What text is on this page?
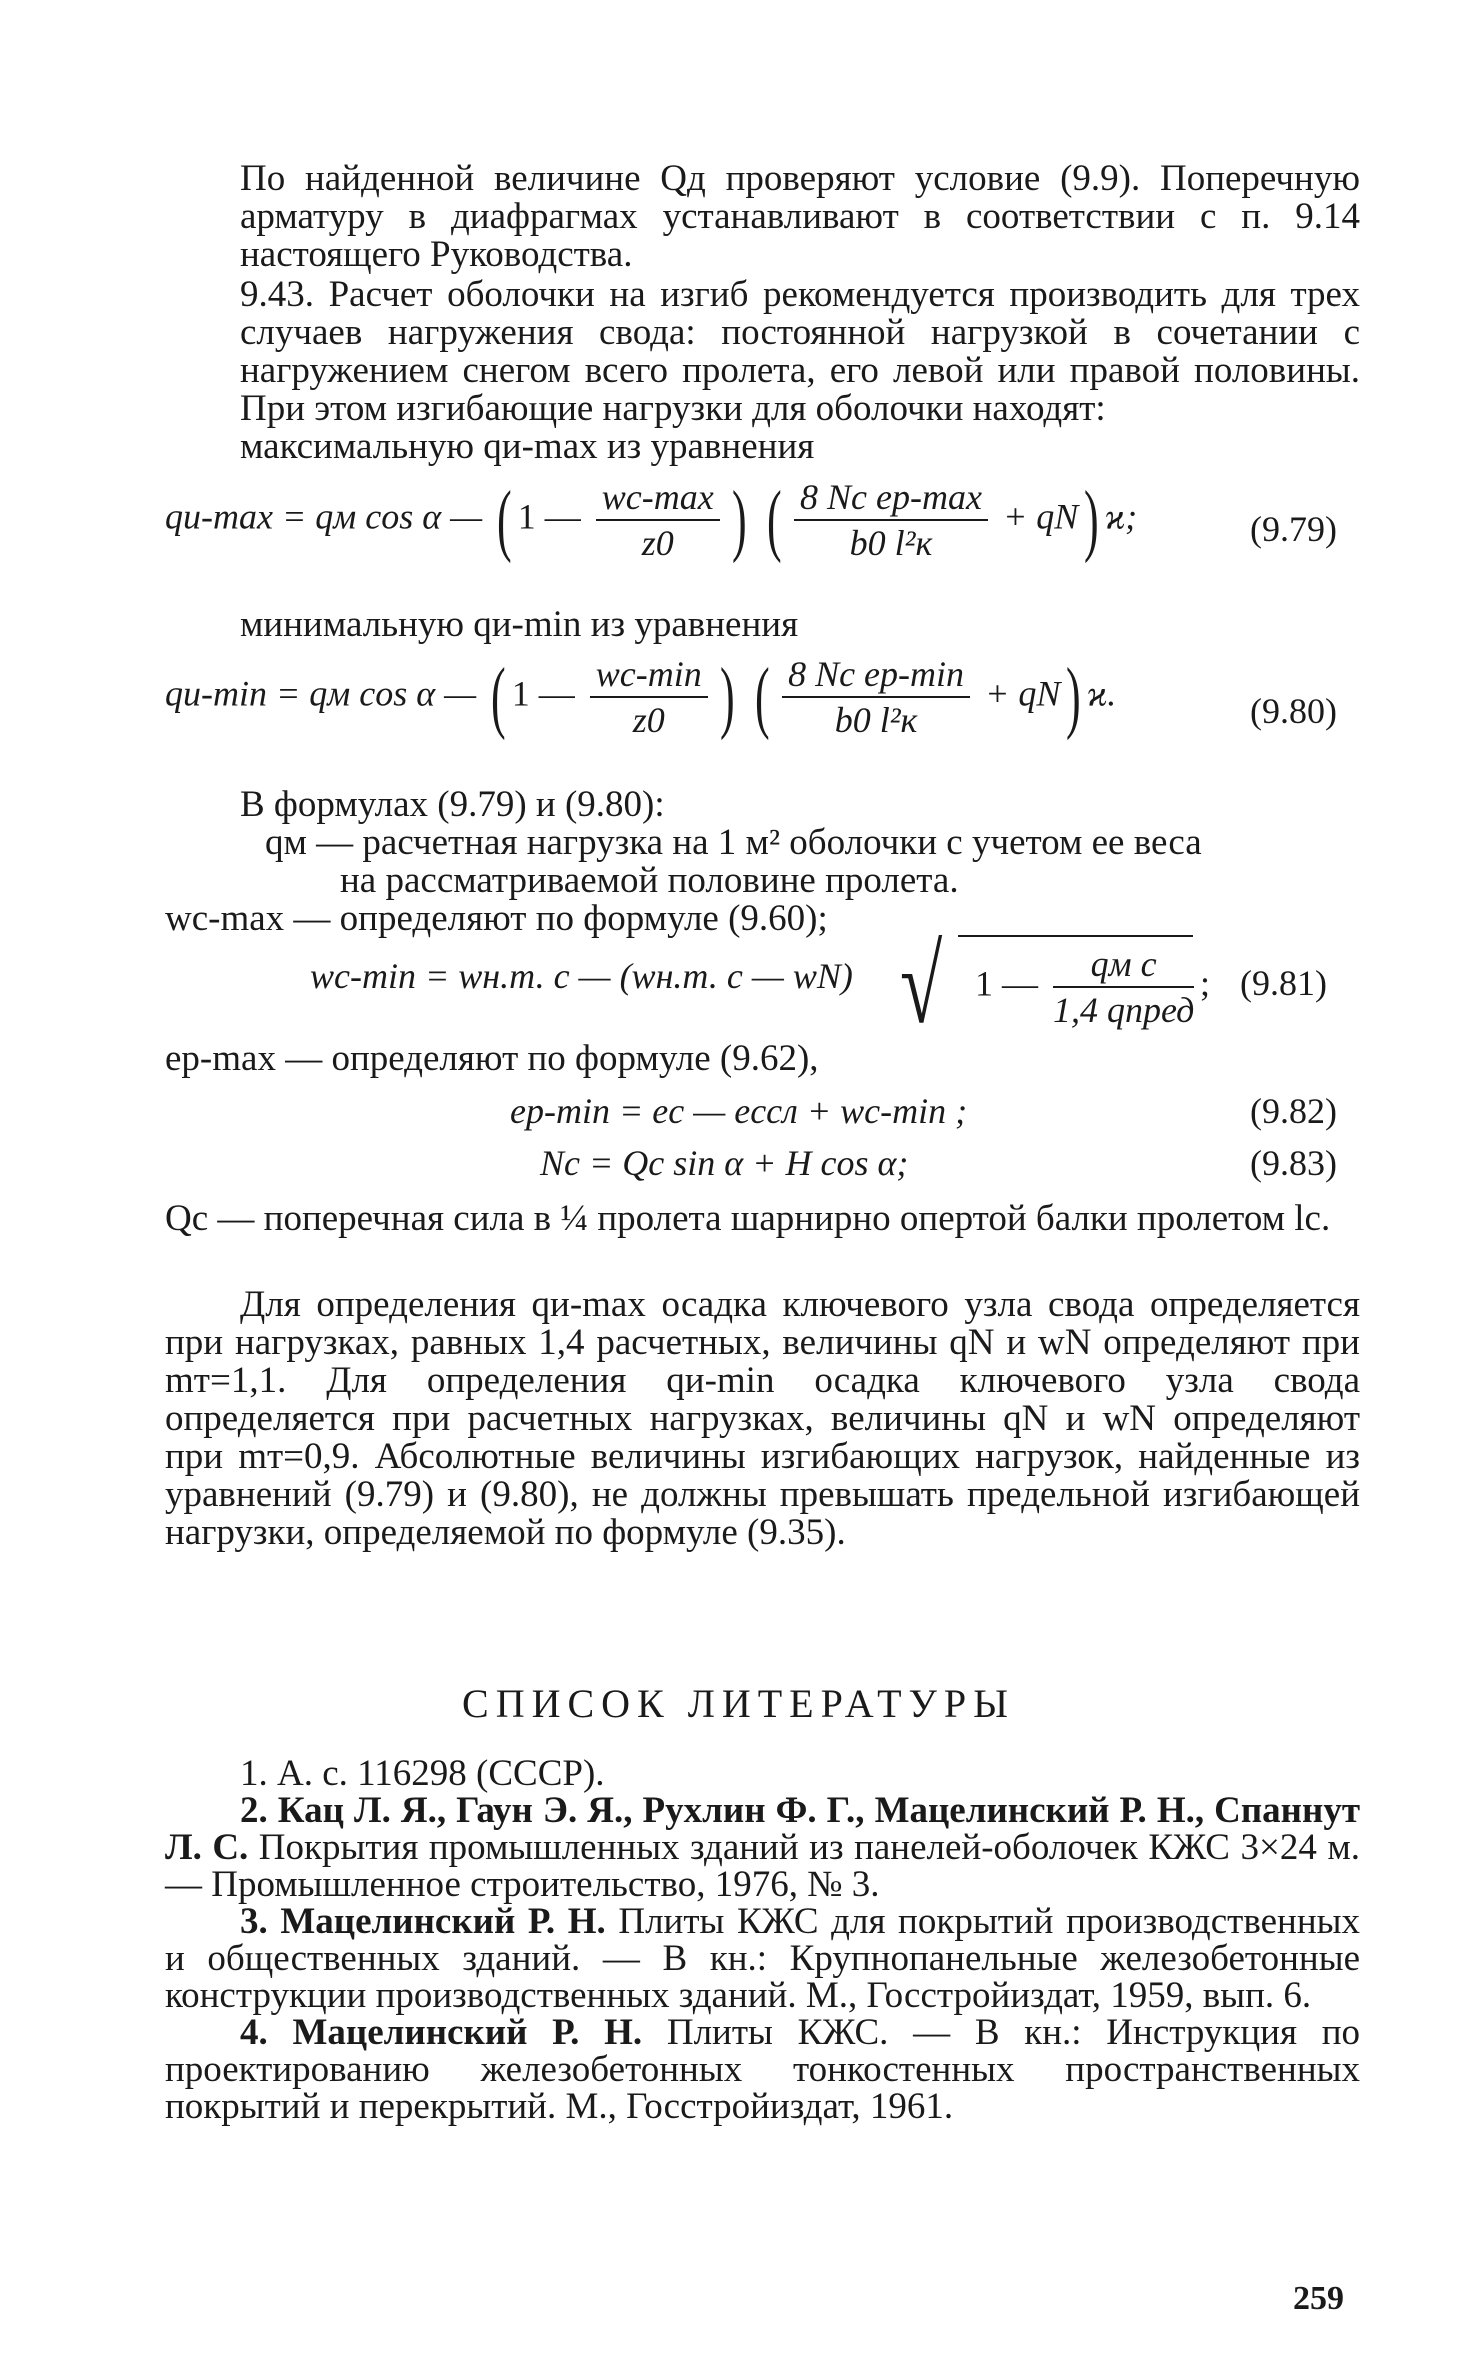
По найденной величине Qд проверяют условие (9.9). Поперечную арматуру в диафрагмах устанавливают в соответствии с п. 9.14 настоящего Руководства.
9.43. Расчет оболочки на изгиб рекомендуется производить для трех случаев нагружения свода: постоянной нагрузкой в сочетании с нагружением снегом всего пролета, его левой или правой половины. При этом изгибающие нагрузки для оболочки находят:
максимальную qи-max из уравнения
qи-max = qм cos α — ( 1 — $\frac{wc-\max}{z0}$ ) ( $\frac{\text{8 Nc ep-max}}{\text{b0 l²к}} + qN$) ϰ;	(9.79)
минимальную qи-min из уравнения
qи-min = qм cos α — ( 1 — $\frac{wc-\min}{z0}$ ) ( $\frac{\text{8 Nc ep-min}}{\text{b0 l²к}} + qN$) ϰ.	(9.80)
В формулах (9.79) и (9.80):
qм — расчетная нагрузка на 1 м² оболочки с учетом ее веса
на рассматриваемой половине пролета.
wc-max — определяют по формуле (9.60);
wc-min = wн.т. c — (wн.т. c — wN) √ 1 — $\frac{\text{qм c}}{\text{1,4 qпред}}$ ; (9.81)
ep-max — определяют по формуле (9.62),
ep-min = ec — ecсл + wc-min ;	(9.82)
Nc = Qc sin α + H cos α;	(9.83)
Qc — поперечная сила в ¼ пролета шарнирно опертой балки пролетом lc.
Для определения qи-max осадка ключевого узла свода определяется при нагрузках, равных 1,4 расчетных, величины qN и wN определяют при mт=1,1. Для определения qи-min осадка ключевого узла свода определяется при расчетных нагрузках, величины qN и wN определяют при mт=0,9. Абсолютные величины изгибающих нагрузок, найденные из уравнений (9.79) и (9.80), не должны превышать предельной изгибающей нагрузки, определяемой по формуле (9.35).
СПИСОК ЛИТЕРАТУРЫ

1. А. с. 116298 (СССР).

2. Кац Л. Я., Гаун Э. Я., Рухлин Ф. Г., Мацелинский Р. Н., Спаннут Л. С. Покрытия промышленных зданий из панелей-оболочек КЖС 3×24 м. — Промышленное строительство, 1976, № 3.

3. Мацелинский Р. Н. Плиты КЖС для покрытий производственных и общественных зданий. — В кн.: Крупнопанельные железобетонные конструкции производственных зданий. М., Госстройиздат, 1959, вып. 6.

4. Мацелинский Р. Н. Плиты КЖС. — В кн.: Инструкция по проектированию железобетонных тонкостенных пространственных покрытий и перекрытий. М., Госстройиздат, 1961.

259
